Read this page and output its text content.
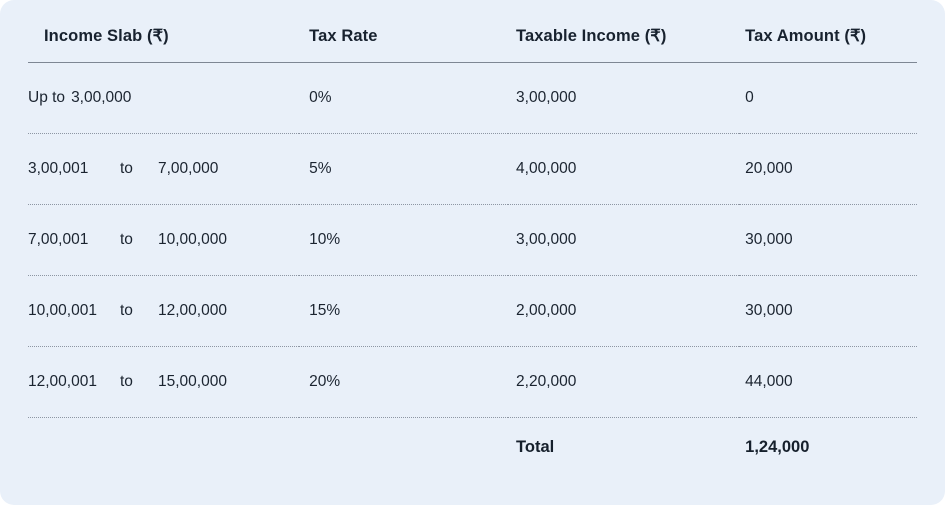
Income Slab (₹)	Tax Rate	Taxable Income (₹)	Tax Amount (₹)

Up to 3,00,000	0%	3,00,000	0

3,00,001 to 7,00,000	5%	4,00,000	20,000

7,00,001 to 10,00,000	10%	3,00,000	30,000

10,00,001 to 12,00,000	15%	2,00,000	30,000

12,00,001 to 15,00,000	20%	2,20,000	44,000
		Total	1,24,000
